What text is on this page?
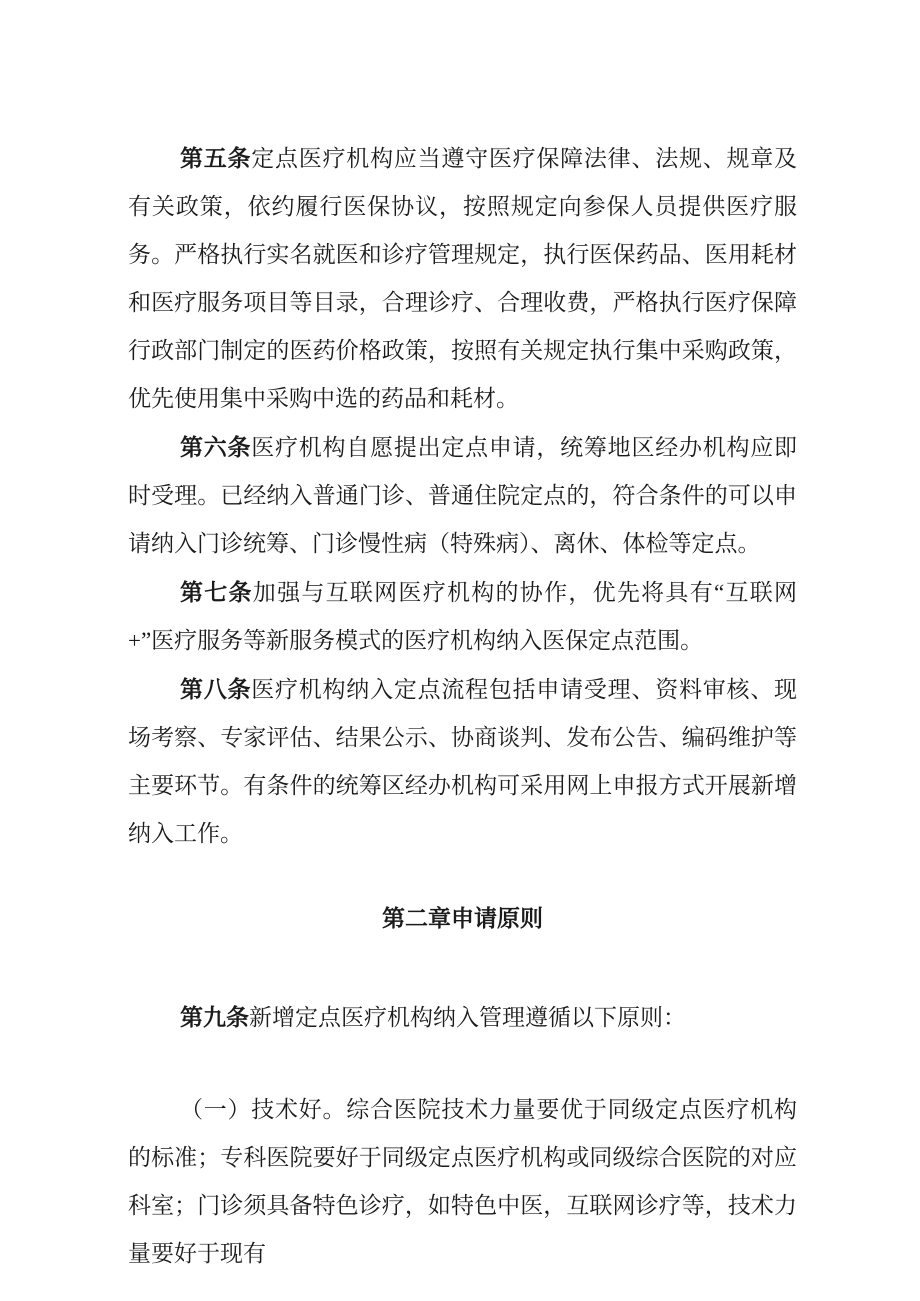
第五条定点医疗机构应当遵守医疗保障法律、法规、规章及有关政策，依约履行医保协议，按照规定向参保人员提供医疗服务。严格执行实名就医和诊疗管理规定，执行医保药品、医用耗材和医疗服务项目等目录，合理诊疗、合理收费，严格执行医疗保障行政部门制定的医药价格政策，按照有关规定执行集中采购政策，优先使用集中采购中选的药品和耗材。

第六条医疗机构自愿提出定点申请，统筹地区经办机构应即时受理。已经纳入普通门诊、普通住院定点的，符合条件的可以申请纳入门诊统筹、门诊慢性病（特殊病）、离休、体检等定点。

第七条加强与互联网医疗机构的协作，优先将具有“互联网+”医疗服务等新服务模式的医疗机构纳入医保定点范围。

第八条医疗机构纳入定点流程包括申请受理、资料审核、现场考察、专家评估、结果公示、协商谈判、发布公告、编码维护等主要环节。有条件的统筹区经办机构可采用网上申报方式开展新增纳入工作。

第二章申请原则

第九条新增定点医疗机构纳入管理遵循以下原则：

（一）技术好。综合医院技术力量要优于同级定点医疗机构的标准；专科医院要好于同级定点医疗机构或同级综合医院的对应科室；门诊须具备特色诊疗，如特色中医，互联网诊疗等，技术力量要好于现有
